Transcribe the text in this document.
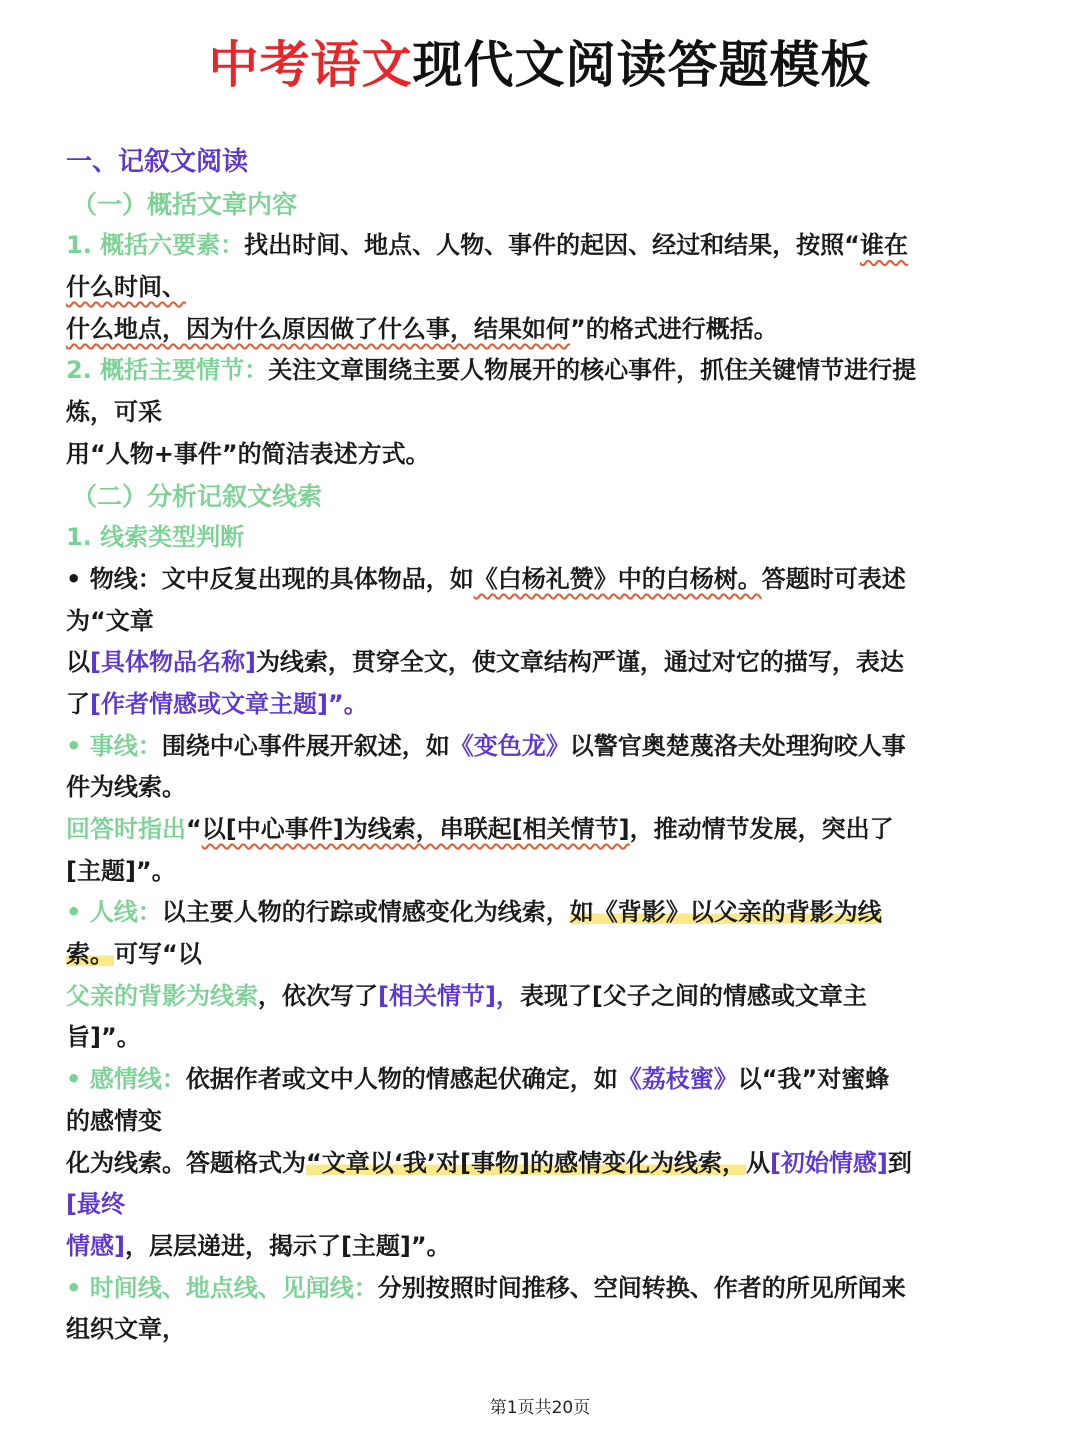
中考语文现代文阅读答题模板
一、记叙文阅读
（一）概括文章内容
1. 概括六要素：找出时间、地点、人物、事件的起因、经过和结果，按照“谁在
什么时间、
什么地点，因为什么原因做了什么事，结果如何”的格式进行概括。
2. 概括主要情节：关注文章围绕主要人物展开的核心事件，抓住关键情节进行提
炼，可采
用“人物+事件”的简洁表述方式。
（二）分析记叙文线索
1. 线索类型判断
• 物线：文中反复出现的具体物品，如《白杨礼赞》中的白杨树。答题时可表述
为“文章
以[具体物品名称]为线索，贯穿全文，使文章结构严谨，通过对它的描写，表达
了[作者情感或文章主题]”。
• 事线：围绕中心事件展开叙述，如《变色龙》以警官奥楚蔑洛夫处理狗咬人事
件为线索。
回答时指出“以[中心事件]为线索，串联起[相关情节]，推动情节发展，突出了
[主题]”。
• 人线：以主要人物的行踪或情感变化为线索，如《背影》以父亲的背影为线
索。可写“以
父亲的背影为线索，依次写了[相关情节]，表现了[父子之间的情感或文章主
旨]”。
• 感情线：依据作者或文中人物的情感起伏确定，如《荔枝蜜》以“我”对蜜蜂
的感情变
化为线索。答题格式为“文章以‘我’对[事物]的感情变化为线索，从[初始情感]到
[最终
情感]，层层递进，揭示了[主题]”。
• 时间线、地点线、见闻线：分别按照时间推移、空间转换、作者的所见所闻来
组织文章，
第1页共20页
